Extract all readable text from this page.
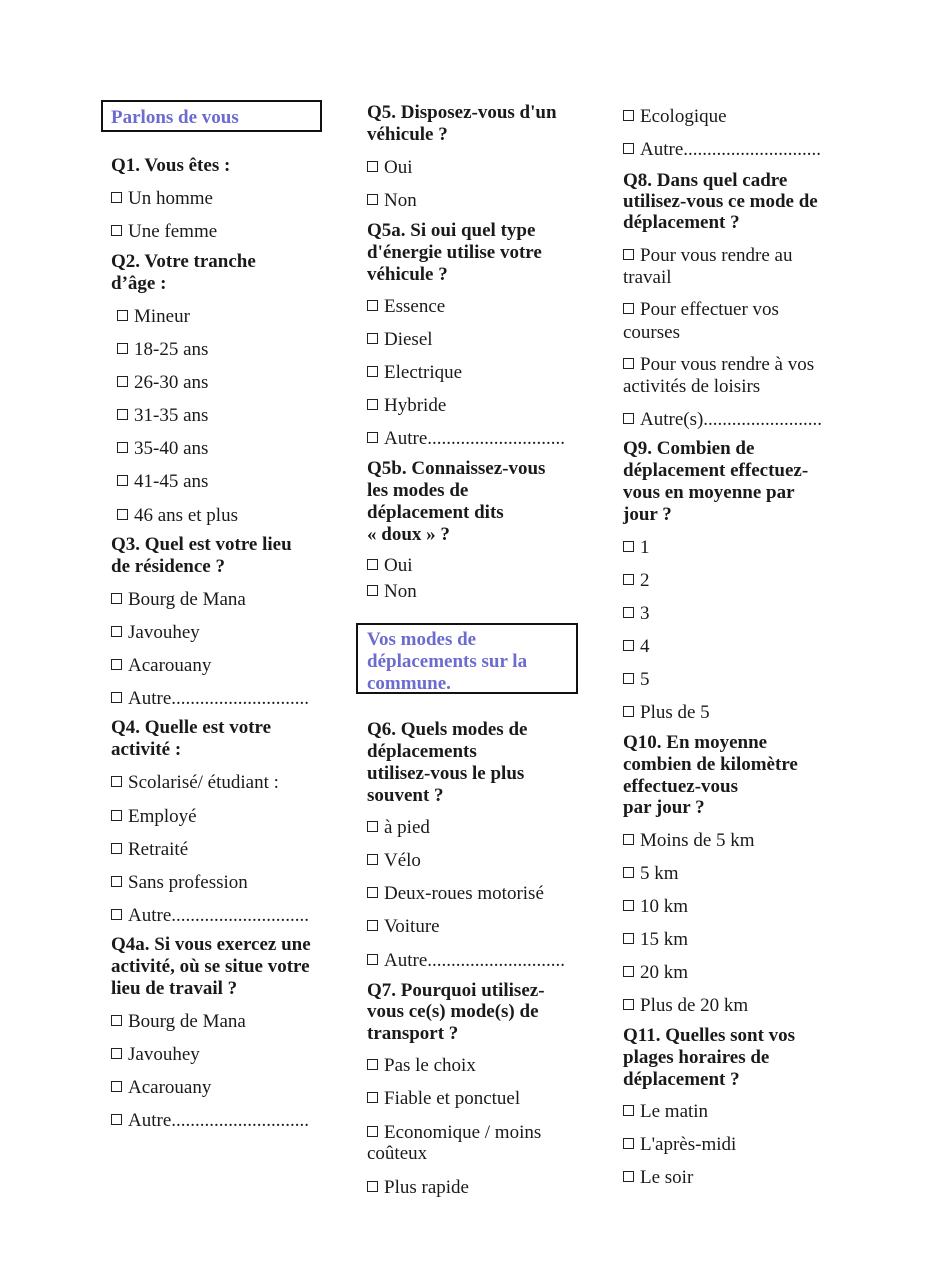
Parlons de vous
Q1. Vous êtes :
Un homme
Une femme
Q2. Votre tranche
d’âge :
Mineur
18-25 ans
26-30 ans
31-35 ans
35-40 ans
41-45 ans
46 ans et plus
Q3. Quel est votre lieu
de résidence ?
Bourg de Mana
Javouhey
Acarouany
Autre.............................
Q4. Quelle est votre
activité :
Scolarisé/ étudiant :
Employé
Retraité
Sans profession
Autre.............................
Q4a. Si vous exercez une
activité, où se situe votre
lieu de travail ?
Bourg de Mana
Javouhey
Acarouany
Autre.............................
Q5. Disposez-vous d'un
véhicule ?
Oui
Non
Q5a. Si oui quel type
d'énergie utilise votre
véhicule ?
Essence
Diesel
Electrique
Hybride
Autre.............................
Q5b. Connaissez-vous
les modes de
déplacement dits
« doux » ?
Oui
Non
Vos modes de
déplacements sur la
commune.
Q6. Quels modes de
déplacements
utilisez-vous le plus
souvent ?
à pied
Vélo
Deux-roues motorisé
Voiture
Autre.............................
Q7. Pourquoi utilisez-
vous ce(s) mode(s) de
transport ?
Pas le choix
Fiable et ponctuel
Economique / moins
coûteux
Plus rapide
Ecologique
Autre.............................
Q8. Dans quel cadre
utilisez-vous ce mode de
déplacement ?
Pour vous rendre au
travail
Pour effectuer vos
courses
Pour vous rendre à vos
activités de loisirs
Autre(s).........................
Q9. Combien de
déplacement effectuez-
vous en moyenne par
jour ?
1
2
3
4
5
Plus de 5
Q10. En moyenne
combien de kilomètre
effectuez-vous
par jour ?
Moins de 5 km
5 km
10 km
15 km
20 km
Plus de 20 km
Q11. Quelles sont vos
plages horaires de
déplacement ?
Le matin
L'après-midi
Le soir
